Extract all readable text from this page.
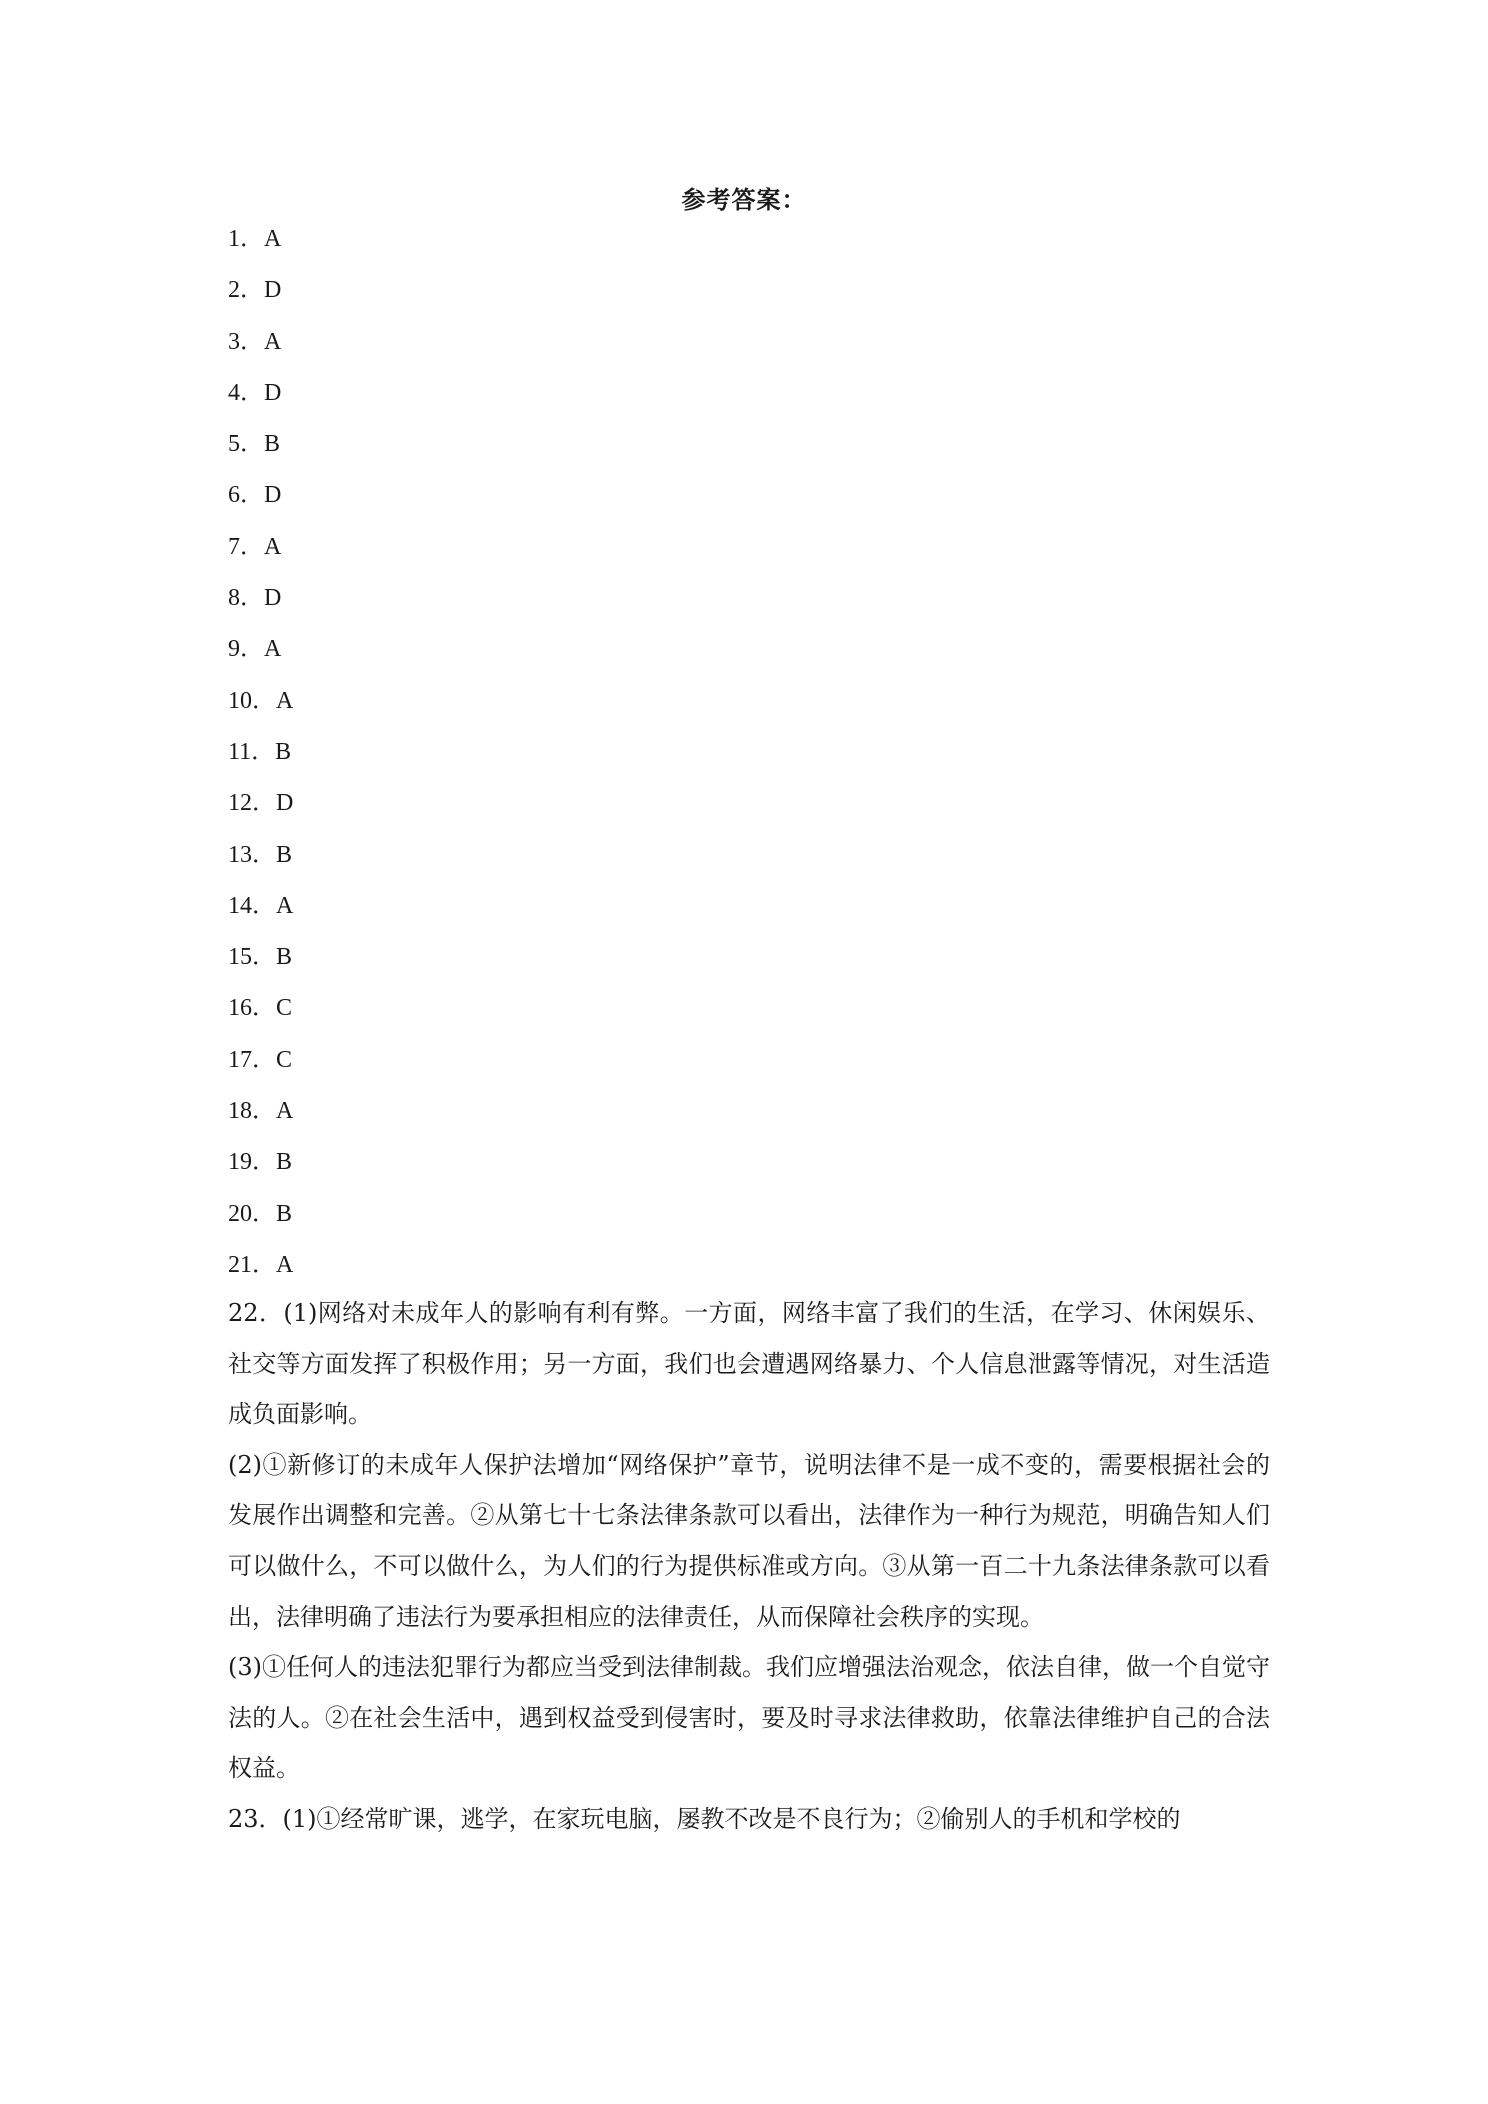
参考答案：
1．A
2．D
3．A
4．D
5．B
6．D
7．A
8．D
9．A
10．A
11．B
12．D
13．B
14．A
15．B
16．C
17．C
18．A
19．B
20．B
21．A

22．(1)网络对未成年人的影响有利有弊。一方面，网络丰富了我们的生活，在学习、休闲娱乐、社交等方面发挥了积极作用；另一方面，我们也会遭遇网络暴力、个人信息泄露等情况，对生活造成负面影响。

(2)①新修订的未成年人保护法增加“网络保护”章节，说明法律不是一成不变的，需要根据社会的发展作出调整和完善。②从第七十七条法律条款可以看出，法律作为一种行为规范，明确告知人们可以做什么，不可以做什么，为人们的行为提供标准或方向。③从第一百二十九条法律条款可以看出，法律明确了违法行为要承担相应的法律责任，从而保障社会秩序的实现。

(3)①任何人的违法犯罪行为都应当受到法律制裁。我们应增强法治观念，依法自律，做一个自觉守法的人。②在社会生活中，遇到权益受到侵害时，要及时寻求法律救助，依靠法律维护自己的合法权益。

23．(1)①经常旷课，逃学，在家玩电脑，屡教不改是不良行为；②偷别人的手机和学校的
